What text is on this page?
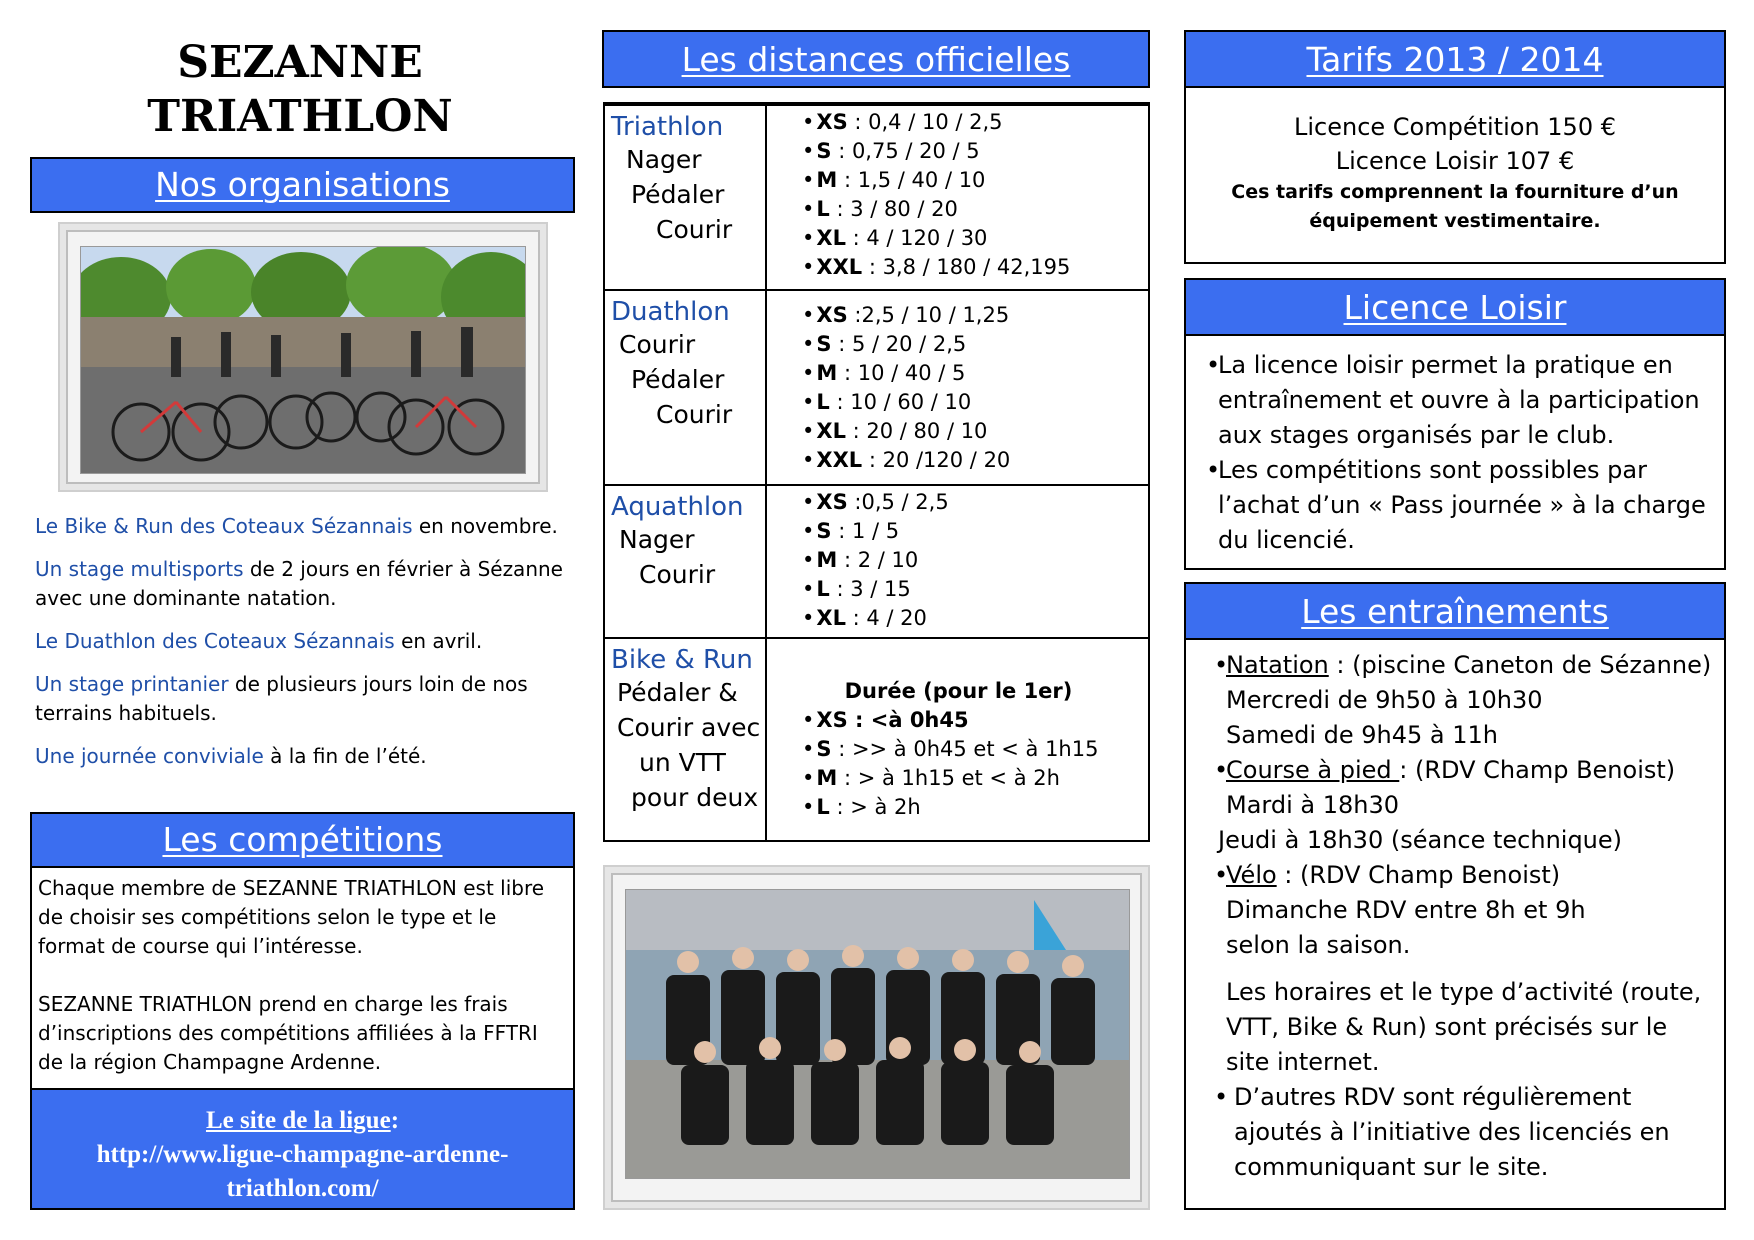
SEZANNE
TRIATHLON
Nos organisations
Le Bike & Run des Coteaux Sézannais en novembre.
Un stage multisports de 2 jours en février à Sézanne avec une dominante natation.
Le Duathlon des Coteaux Sézannais en avril.
Un stage printanier de plusieurs jours loin de nos terrains habituels.
Une journée conviviale à la fin de l’été.
Les compétitions
Chaque membre de SEZANNE TRIATHLON est libre de choisir ses compétitions selon le type et le format de course qui l’intéresse.
SEZANNE TRIATHLON prend en charge les frais d’inscriptions des compétitions affiliées à la FFTRI de la région Champagne Ardenne.
Le site de la ligue:
http://www.ligue-champagne-ardenne-
triathlon.com/
Les distances officielles
Triathlon
Nager
Pédaler
Courir
• XS : 0,4 / 10 / 2,5
• S : 0,75 / 20 / 5
• M : 1,5 / 40 / 10
• L : 3 / 80 / 20
• XL : 4 / 120 / 30
• XXL : 3,8 / 180 / 42,195
Duathlon
Courir
Pédaler
Courir
• XS :2,5 / 10 / 1,25
• S : 5 / 20 / 2,5
• M : 10 / 40 / 5
• L : 10 / 60 / 10
• XL : 20 / 80 / 10
• XXL : 20 /120 / 20
Aquathlon
Nager
Courir
• XS :0,5 / 2,5
• S : 1 / 5
• M : 2 / 10
• L : 3 / 15
• XL : 4 / 20
Bike & Run
Pédaler &
Courir avec
un VTT
pour deux
Durée (pour le 1er)
• XS : <à 0h45
• S : >> à 0h45 et < à 1h15
• M : > à 1h15 et < à 2h
• L : > à 2h
Tarifs 2013 / 2014
Licence Compétition 150 €
Licence Loisir 107 €
Ces tarifs comprennent la fourniture d’un équipement vestimentaire.
Licence Loisir
•
La licence loisir permet la pratique en entraînement et ouvre à la participation aux stages organisés par le club.
•
Les compétitions sont possibles par l’achat d’un « Pass journée » à la charge du licencié.
Les entraînements
•
Natation : (piscine Caneton de Sézanne)
Mercredi de 9h50 à 10h30
Samedi de 9h45 à 11h
•
Course à pied : (RDV Champ Benoist)
Mardi à 18h30
Jeudi à 18h30 (séance technique)
•
Vélo : (RDV Champ Benoist)
Dimanche RDV entre 8h et 9h
selon la saison.
Les horaires et le type d’activité (route, VTT, Bike & Run) sont précisés sur le site internet.
• D’autres RDV sont régulièrement ajoutés à l’initiative des licenciés en communiquant sur le site.
